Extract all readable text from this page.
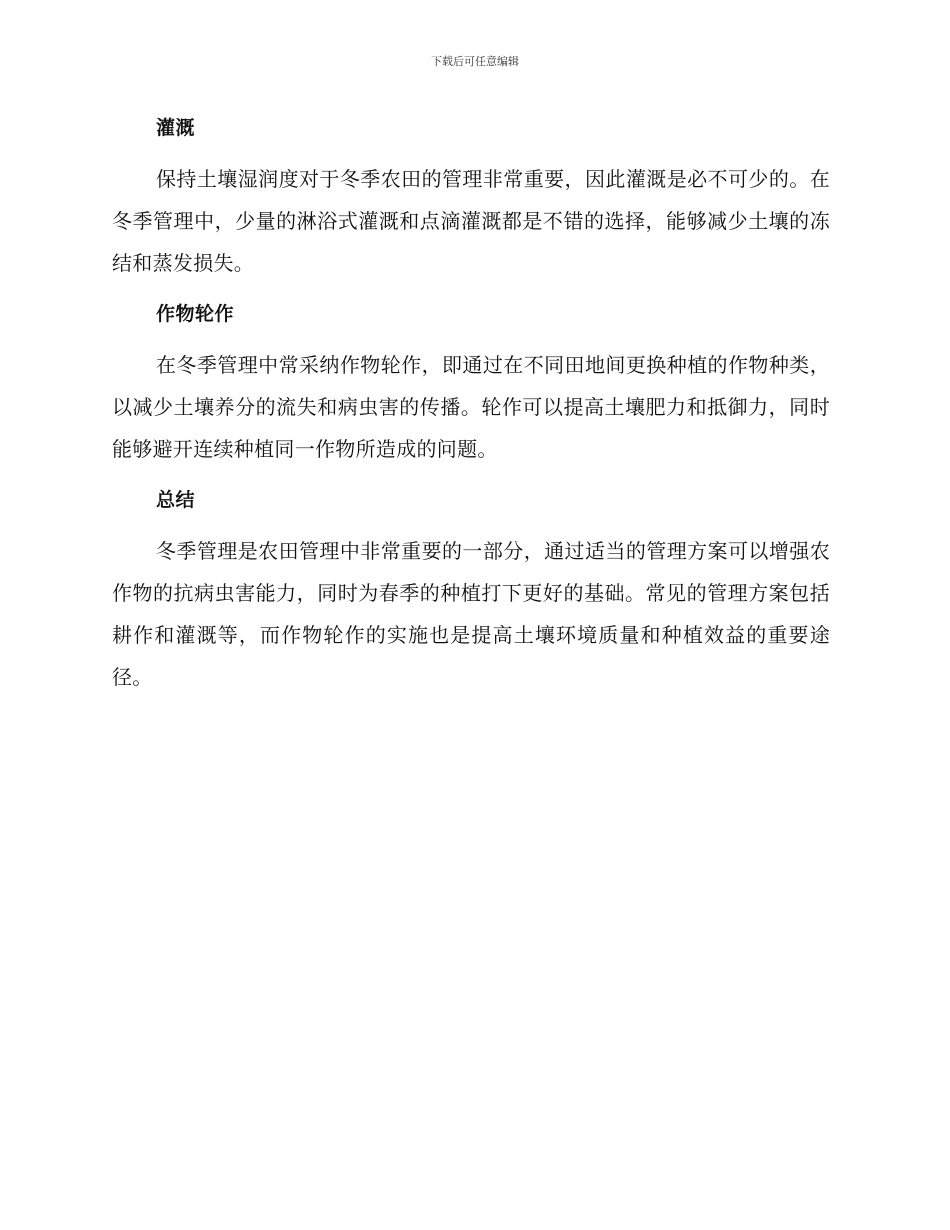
下载后可任意编辑
灌溉

保持土壤湿润度对于冬季农田的管理非常重要，因此灌溉是必不可少的。在冬季管理中，少量的淋浴式灌溉和点滴灌溉都是不错的选择，能够减少土壤的冻结和蒸发损失。

作物轮作

在冬季管理中常采纳作物轮作，即通过在不同田地间更换种植的作物种类，以减少土壤养分的流失和病虫害的传播。轮作可以提高土壤肥力和抵御力，同时能够避开连续种植同一作物所造成的问题。

总结

冬季管理是农田管理中非常重要的一部分，通过适当的管理方案可以增强农作物的抗病虫害能力，同时为春季的种植打下更好的基础。常见的管理方案包括耕作和灌溉等，而作物轮作的实施也是提高土壤环境质量和种植效益的重要途径。
